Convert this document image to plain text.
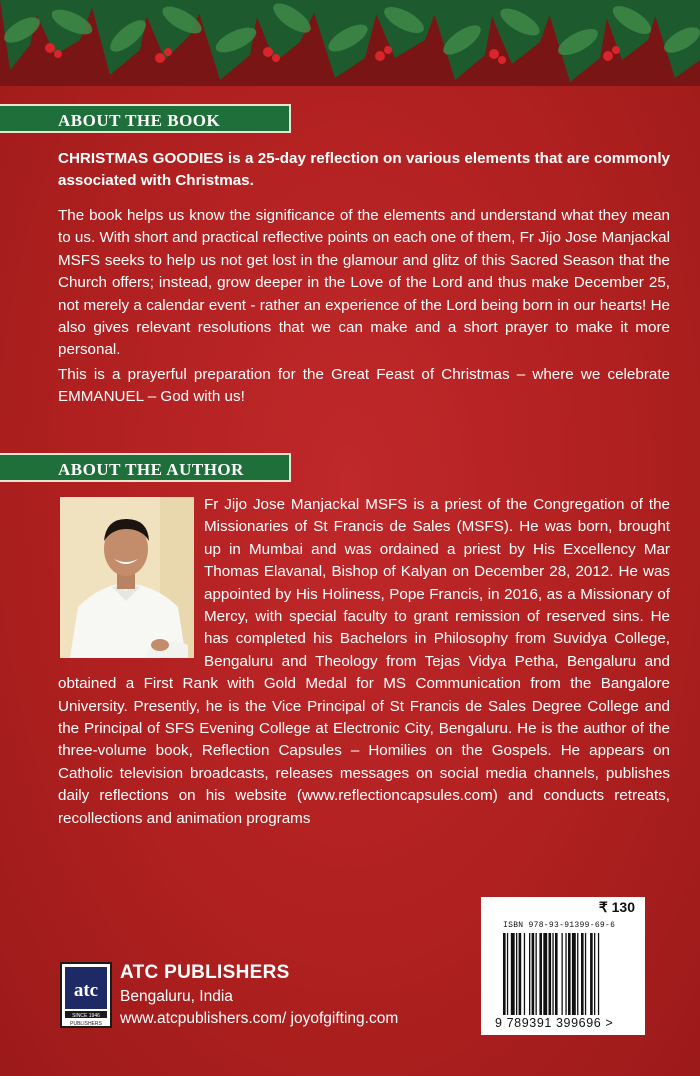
ABOUT THE BOOK
CHRISTMAS GOODIES is a 25-day reflection on various elements that are commonly associated with Christmas.
The book helps us know the significance of the elements and understand what they mean to us. With short and practical reflective points on each one of them, Fr Jijo Jose Manjackal MSFS seeks to help us not get lost in the glamour and glitz of this Sacred Season that the Church offers; instead, grow deeper in the Love of the Lord and thus make December 25, not merely a calendar event - rather an experience of the Lord being born in our hearts! He also gives relevant resolutions that we can make and a short prayer to make it more personal.
This is a prayerful preparation for the Great Feast of Christmas – where we celebrate EMMANUEL – God with us!
ABOUT THE AUTHOR
Fr Jijo Jose Manjackal MSFS is a priest of the Congregation of the Missionaries of St Francis de Sales (MSFS). He was born, brought up in Mumbai and was ordained a priest by His Excellency Mar Thomas Elavanal, Bishop of Kalyan on December 28, 2012. He was appointed by His Holiness, Pope Francis, in 2016, as a Missionary of Mercy, with special faculty to grant remission of reserved sins. He has completed his Bachelors in Philosophy from Suvidya College, Bengaluru and Theology from Tejas Vidya Petha, Bengaluru and obtained a First Rank with Gold Medal for MS Communication from the Bangalore University. Presently, he is the Vice Principal of St Francis de Sales Degree College and the Principal of SFS Evening College at Electronic City, Bengaluru. He is the author of the three-volume book, Reflection Capsules – Homilies on the Gospels. He appears on Catholic television broadcasts, releases messages on social media channels, publishes daily reflections on his website (www.reflectioncapsules.com) and conducts retreats, recollections and animation programs
₹ 130
ISBN 978-93-91399-69-6
9 789391 399696 >
atc
SINCE 1946
PUBLISHERS
ATC PUBLISHERS
Bengaluru, India
www.atcpublishers.com/ joyofgifting.com
